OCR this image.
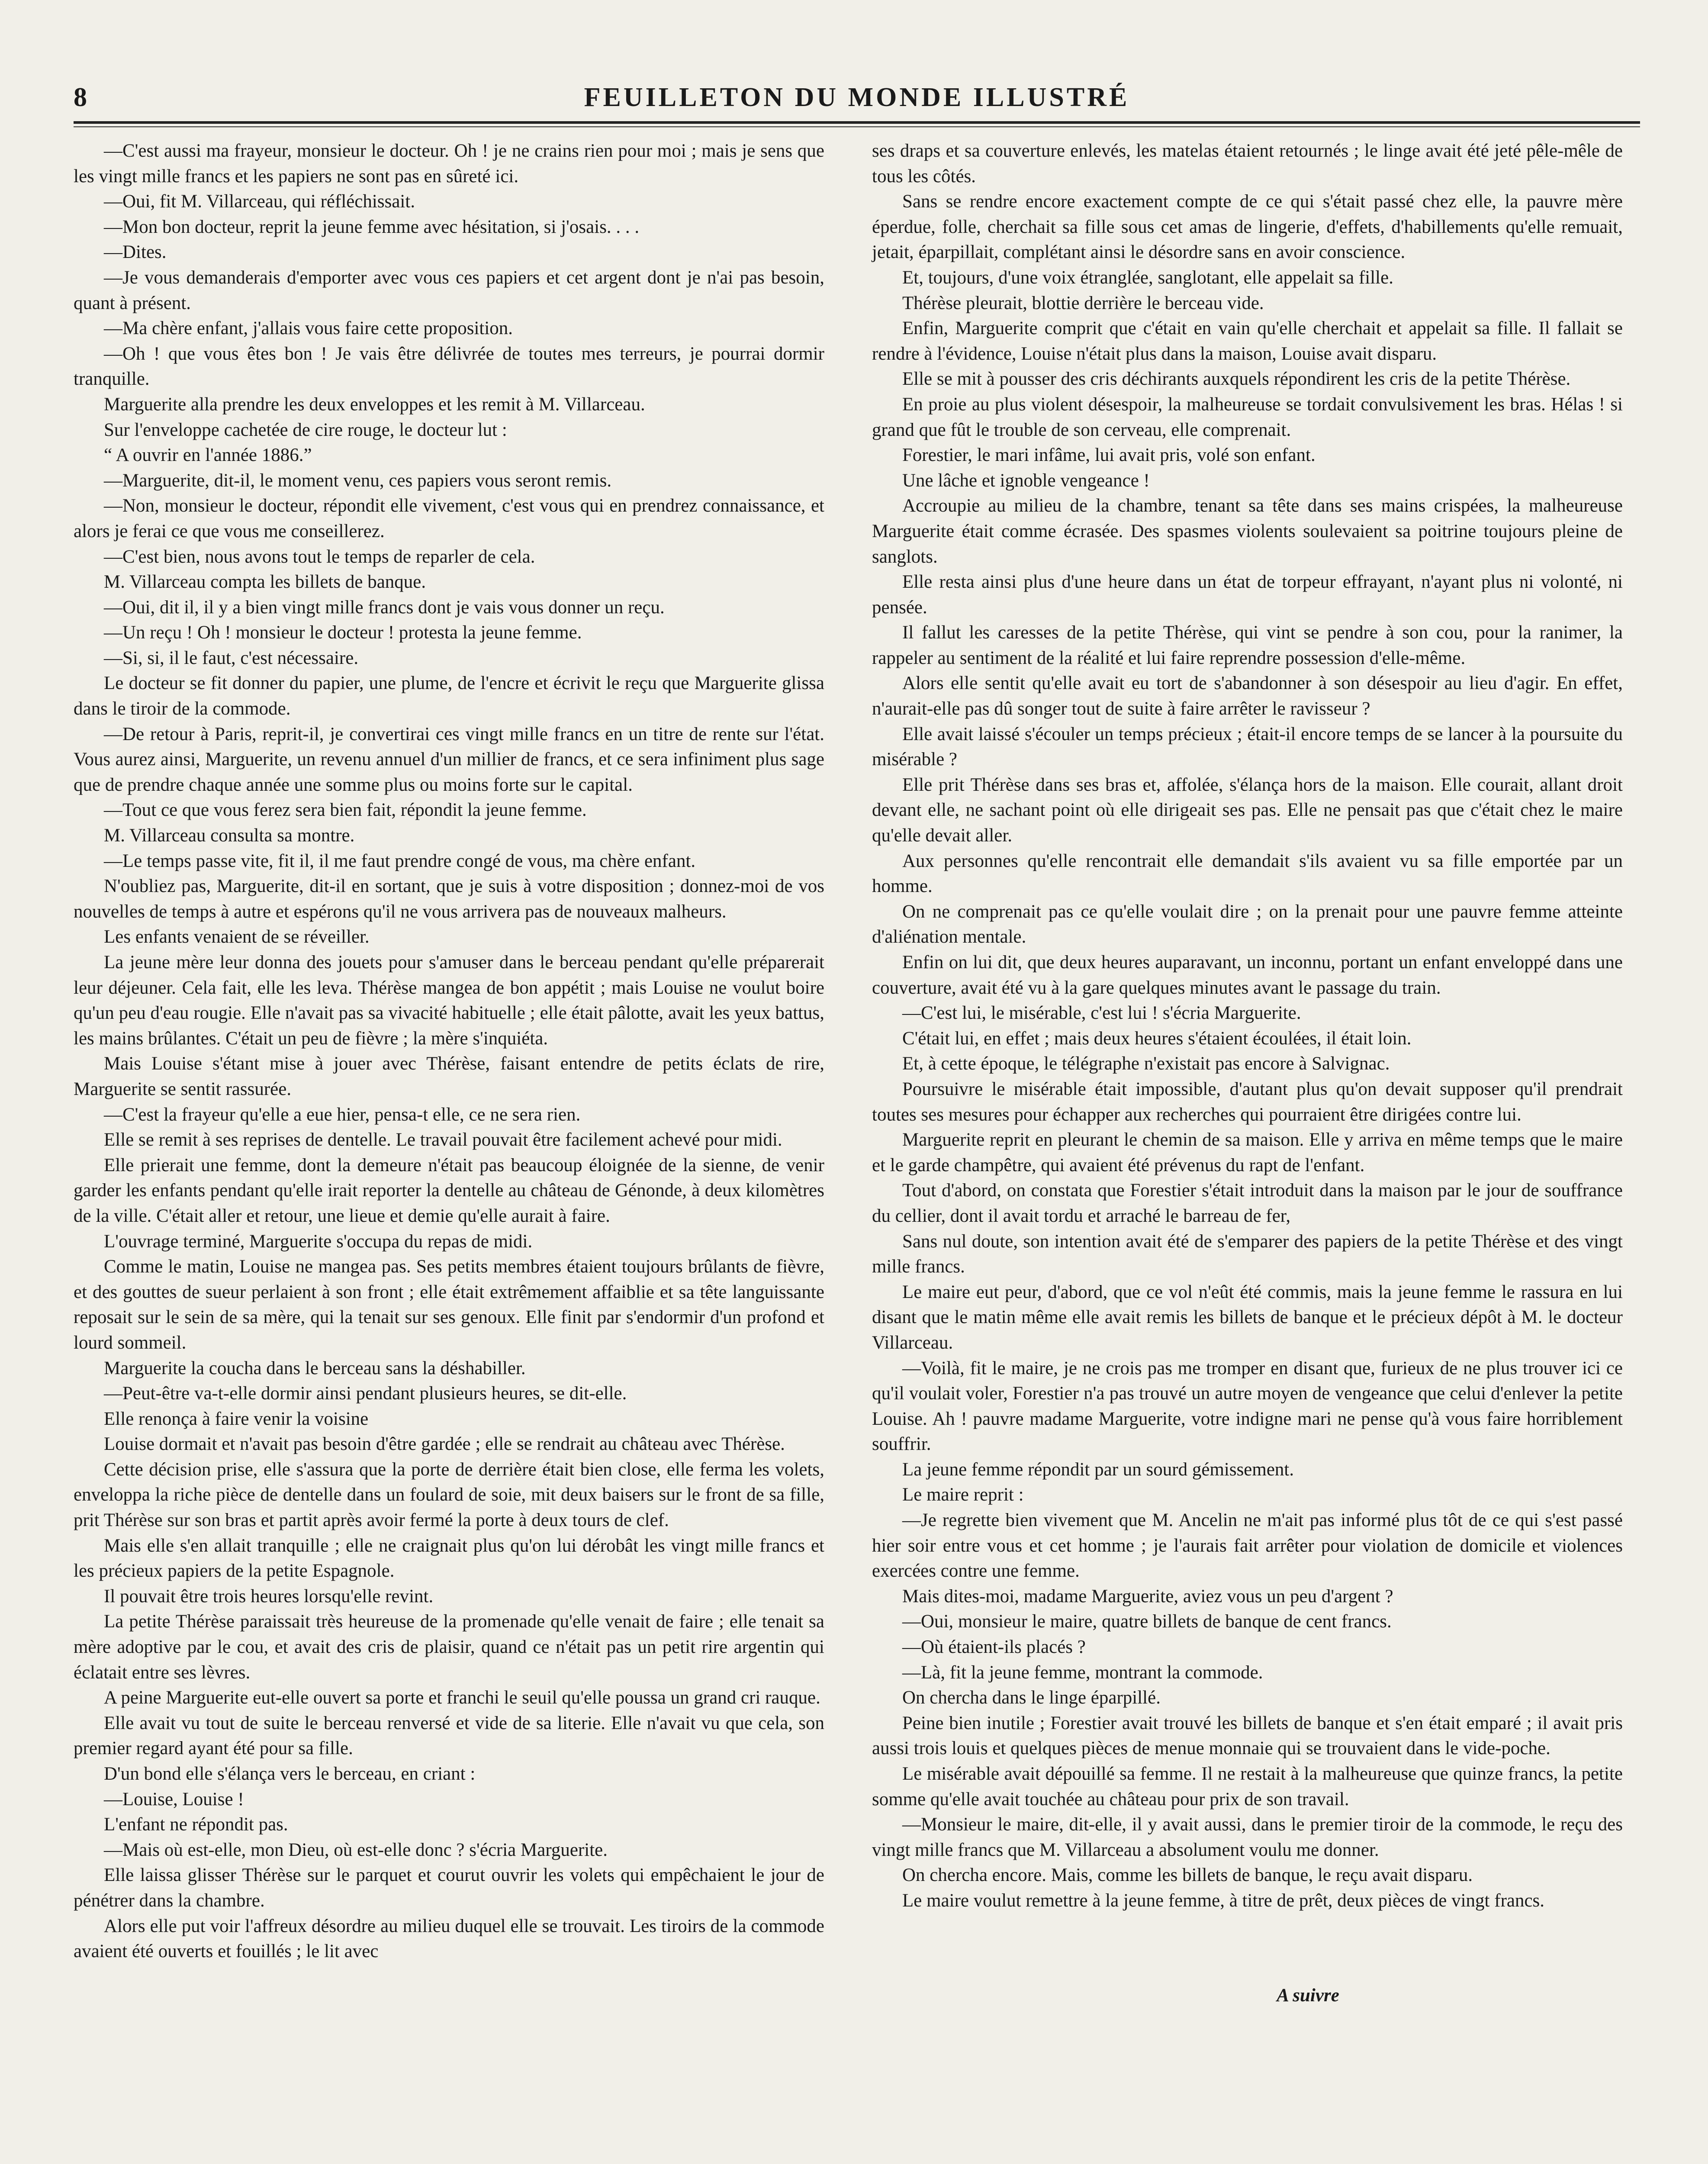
8	FEUILLETON DU MONDE ILLUSTRÉ

—C'est aussi ma frayeur, monsieur le docteur. Oh ! je ne crains rien pour moi ; mais je sens que les vingt mille francs et les papiers ne sont pas en sûreté ici.

—Oui, fit M. Villarceau, qui réfléchissait.

—Mon bon docteur, reprit la jeune femme avec hésitation, si j'osais. . . .

—Dites.

—Je vous demanderais d'emporter avec vous ces papiers et cet argent dont je n'ai pas besoin, quant à présent.

—Ma chère enfant, j'allais vous faire cette proposition.

—Oh ! que vous êtes bon ! Je vais être délivrée de toutes mes terreurs, je pourrai dormir tranquille.

Marguerite alla prendre les deux enveloppes et les remit à M. Villarceau.

Sur l'enveloppe cachetée de cire rouge, le docteur lut :

“ A ouvrir en l'année 1886.”

—Marguerite, dit-il, le moment venu, ces papiers vous seront remis.

—Non, monsieur le docteur, répondit elle vivement, c'est vous qui en prendrez connaissance, et alors je ferai ce que vous me conseillerez.

—C'est bien, nous avons tout le temps de reparler de cela.

M. Villarceau compta les billets de banque.

—Oui, dit il, il y a bien vingt mille francs dont je vais vous donner un reçu.

—Un reçu ! Oh ! monsieur le docteur ! protesta la jeune femme.

—Si, si, il le faut, c'est nécessaire.

Le docteur se fit donner du papier, une plume, de l'encre et écrivit le reçu que Marguerite glissa dans le tiroir de la commode.

—De retour à Paris, reprit-il, je convertirai ces vingt mille francs en un titre de rente sur l'état. Vous aurez ainsi, Marguerite, un revenu annuel d'un millier de francs, et ce sera infiniment plus sage que de prendre chaque année une somme plus ou moins forte sur le capital.

—Tout ce que vous ferez sera bien fait, répondit la jeune femme.

M. Villarceau consulta sa montre.

—Le temps passe vite, fit il, il me faut prendre congé de vous, ma chère enfant.

N'oubliez pas, Marguerite, dit-il en sortant, que je suis à votre disposition ; donnez-moi de vos nouvelles de temps à autre et espérons qu'il ne vous arrivera pas de nouveaux malheurs.

Les enfants venaient de se réveiller.

La jeune mère leur donna des jouets pour s'amuser dans le berceau pendant qu'elle préparerait leur déjeuner. Cela fait, elle les leva. Thérèse mangea de bon appétit ; mais Louise ne voulut boire qu'un peu d'eau rougie. Elle n'avait pas sa vivacité habituelle ; elle était pâlotte, avait les yeux battus, les mains brûlantes. C'était un peu de fièvre ; la mère s'inquiéta.

Mais Louise s'étant mise à jouer avec Thérèse, faisant entendre de petits éclats de rire, Marguerite se sentit rassurée.

—C'est la frayeur qu'elle a eue hier, pensa-t elle, ce ne sera rien.

Elle se remit à ses reprises de dentelle. Le travail pouvait être facilement achevé pour midi.

Elle prierait une femme, dont la demeure n'était pas beaucoup éloignée de la sienne, de venir garder les enfants pendant qu'elle irait reporter la dentelle au château de Génonde, à deux kilomètres de la ville. C'était aller et retour, une lieue et demie qu'elle aurait à faire.

L'ouvrage terminé, Marguerite s'occupa du repas de midi.

Comme le matin, Louise ne mangea pas. Ses petits membres étaient toujours brûlants de fièvre, et des gouttes de sueur perlaient à son front ; elle était extrêmement affaiblie et sa tête languissante reposait sur le sein de sa mère, qui la tenait sur ses genoux. Elle finit par s'endormir d'un profond et lourd sommeil.

Marguerite la coucha dans le berceau sans la déshabiller.

—Peut-être va-t-elle dormir ainsi pendant plusieurs heures, se dit-elle.

Elle renonça à faire venir la voisine

Louise dormait et n'avait pas besoin d'être gardée ; elle se rendrait au château avec Thérèse.

Cette décision prise, elle s'assura que la porte de derrière était bien close, elle ferma les volets, enveloppa la riche pièce de dentelle dans un foulard de soie, mit deux baisers sur le front de sa fille, prit Thérèse sur son bras et partit après avoir fermé la porte à deux tours de clef.

Mais elle s'en allait tranquille ; elle ne craignait plus qu'on lui dérobât les vingt mille francs et les précieux papiers de la petite Espagnole.

Il pouvait être trois heures lorsqu'elle revint.

La petite Thérèse paraissait très heureuse de la promenade qu'elle venait de faire ; elle tenait sa mère adoptive par le cou, et avait des cris de plaisir, quand ce n'était pas un petit rire argentin qui éclatait entre ses lèvres.

A peine Marguerite eut-elle ouvert sa porte et franchi le seuil qu'elle poussa un grand cri rauque.

Elle avait vu tout de suite le berceau renversé et vide de sa literie. Elle n'avait vu que cela, son premier regard ayant été pour sa fille.

D'un bond elle s'élança vers le berceau, en criant :

—Louise, Louise !

L'enfant ne répondit pas.

—Mais où est-elle, mon Dieu, où est-elle donc ? s'écria Marguerite.

Elle laissa glisser Thérèse sur le parquet et courut ouvrir les volets qui empêchaient le jour de pénétrer dans la chambre.

Alors elle put voir l'affreux désordre au milieu duquel elle se trouvait. Les tiroirs de la commode avaient été ouverts et fouillés ; le lit avec

ses draps et sa couverture enlevés, les matelas étaient retournés ; le linge avait été jeté pêle-mêle de tous les côtés.

Sans se rendre encore exactement compte de ce qui s'était passé chez elle, la pauvre mère éperdue, folle, cherchait sa fille sous cet amas de lingerie, d'effets, d'habillements qu'elle remuait, jetait, éparpillait, complétant ainsi le désordre sans en avoir conscience.

Et, toujours, d'une voix étranglée, sanglotant, elle appelait sa fille.

Thérèse pleurait, blottie derrière le berceau vide.

Enfin, Marguerite comprit que c'était en vain qu'elle cherchait et appelait sa fille. Il fallait se rendre à l'évidence, Louise n'était plus dans la maison, Louise avait disparu.

Elle se mit à pousser des cris déchirants auxquels répondirent les cris de la petite Thérèse.

En proie au plus violent désespoir, la malheureuse se tordait convulsivement les bras. Hélas ! si grand que fût le trouble de son cerveau, elle comprenait.

Forestier, le mari infâme, lui avait pris, volé son enfant.

Une lâche et ignoble vengeance !

Accroupie au milieu de la chambre, tenant sa tête dans ses mains crispées, la malheureuse Marguerite était comme écrasée. Des spasmes violents soulevaient sa poitrine toujours pleine de sanglots.

Elle resta ainsi plus d'une heure dans un état de torpeur effrayant, n'ayant plus ni volonté, ni pensée.

Il fallut les caresses de la petite Thérèse, qui vint se pendre à son cou, pour la ranimer, la rappeler au sentiment de la réalité et lui faire reprendre possession d'elle-même.

Alors elle sentit qu'elle avait eu tort de s'abandonner à son désespoir au lieu d'agir. En effet, n'aurait-elle pas dû songer tout de suite à faire arrêter le ravisseur ?

Elle avait laissé s'écouler un temps précieux ; était-il encore temps de se lancer à la poursuite du misérable ?

Elle prit Thérèse dans ses bras et, affolée, s'élança hors de la maison. Elle courait, allant droit devant elle, ne sachant point où elle dirigeait ses pas. Elle ne pensait pas que c'était chez le maire qu'elle devait aller.

Aux personnes qu'elle rencontrait elle demandait s'ils avaient vu sa fille emportée par un homme.

On ne comprenait pas ce qu'elle voulait dire ; on la prenait pour une pauvre femme atteinte d'aliénation mentale.

Enfin on lui dit, que deux heures auparavant, un inconnu, portant un enfant enveloppé dans une couverture, avait été vu à la gare quelques minutes avant le passage du train.

—C'est lui, le misérable, c'est lui ! s'écria Marguerite.

C'était lui, en effet ; mais deux heures s'étaient écoulées, il était loin.

Et, à cette époque, le télégraphe n'existait pas encore à Salvignac.

Poursuivre le misérable était impossible, d'autant plus qu'on devait supposer qu'il prendrait toutes ses mesures pour échapper aux recherches qui pourraient être dirigées contre lui.

Marguerite reprit en pleurant le chemin de sa maison. Elle y arriva en même temps que le maire et le garde champêtre, qui avaient été prévenus du rapt de l'enfant.

Tout d'abord, on constata que Forestier s'était introduit dans la maison par le jour de souffrance du cellier, dont il avait tordu et arraché le barreau de fer,

Sans nul doute, son intention avait été de s'emparer des papiers de la petite Thérèse et des vingt mille francs.

Le maire eut peur, d'abord, que ce vol n'eût été commis, mais la jeune femme le rassura en lui disant que le matin même elle avait remis les billets de banque et le précieux dépôt à M. le docteur Villarceau.

—Voilà, fit le maire, je ne crois pas me tromper en disant que, furieux de ne plus trouver ici ce qu'il voulait voler, Forestier n'a pas trouvé un autre moyen de vengeance que celui d'enlever la petite Louise. Ah ! pauvre madame Marguerite, votre indigne mari ne pense qu'à vous faire horriblement souffrir.

La jeune femme répondit par un sourd gémissement.

Le maire reprit :

—Je regrette bien vivement que M. Ancelin ne m'ait pas informé plus tôt de ce qui s'est passé hier soir entre vous et cet homme ; je l'aurais fait arrêter pour violation de domicile et violences exercées contre une femme.

Mais dites-moi, madame Marguerite, aviez vous un peu d'argent ?

—Oui, monsieur le maire, quatre billets de banque de cent francs.

—Où étaient-ils placés ?

—Là, fit la jeune femme, montrant la commode.

On chercha dans le linge éparpillé.

Peine bien inutile ; Forestier avait trouvé les billets de banque et s'en était emparé ; il avait pris aussi trois louis et quelques pièces de menue monnaie qui se trouvaient dans le vide-poche.

Le misérable avait dépouillé sa femme. Il ne restait à la malheureuse que quinze francs, la petite somme qu'elle avait touchée au château pour prix de son travail.

—Monsieur le maire, dit-elle, il y avait aussi, dans le premier tiroir de la commode, le reçu des vingt mille francs que M. Villarceau a absolument voulu me donner.

On chercha encore. Mais, comme les billets de banque, le reçu avait disparu.

Le maire voulut remettre à la jeune femme, à titre de prêt, deux pièces de vingt francs.

A suivre
